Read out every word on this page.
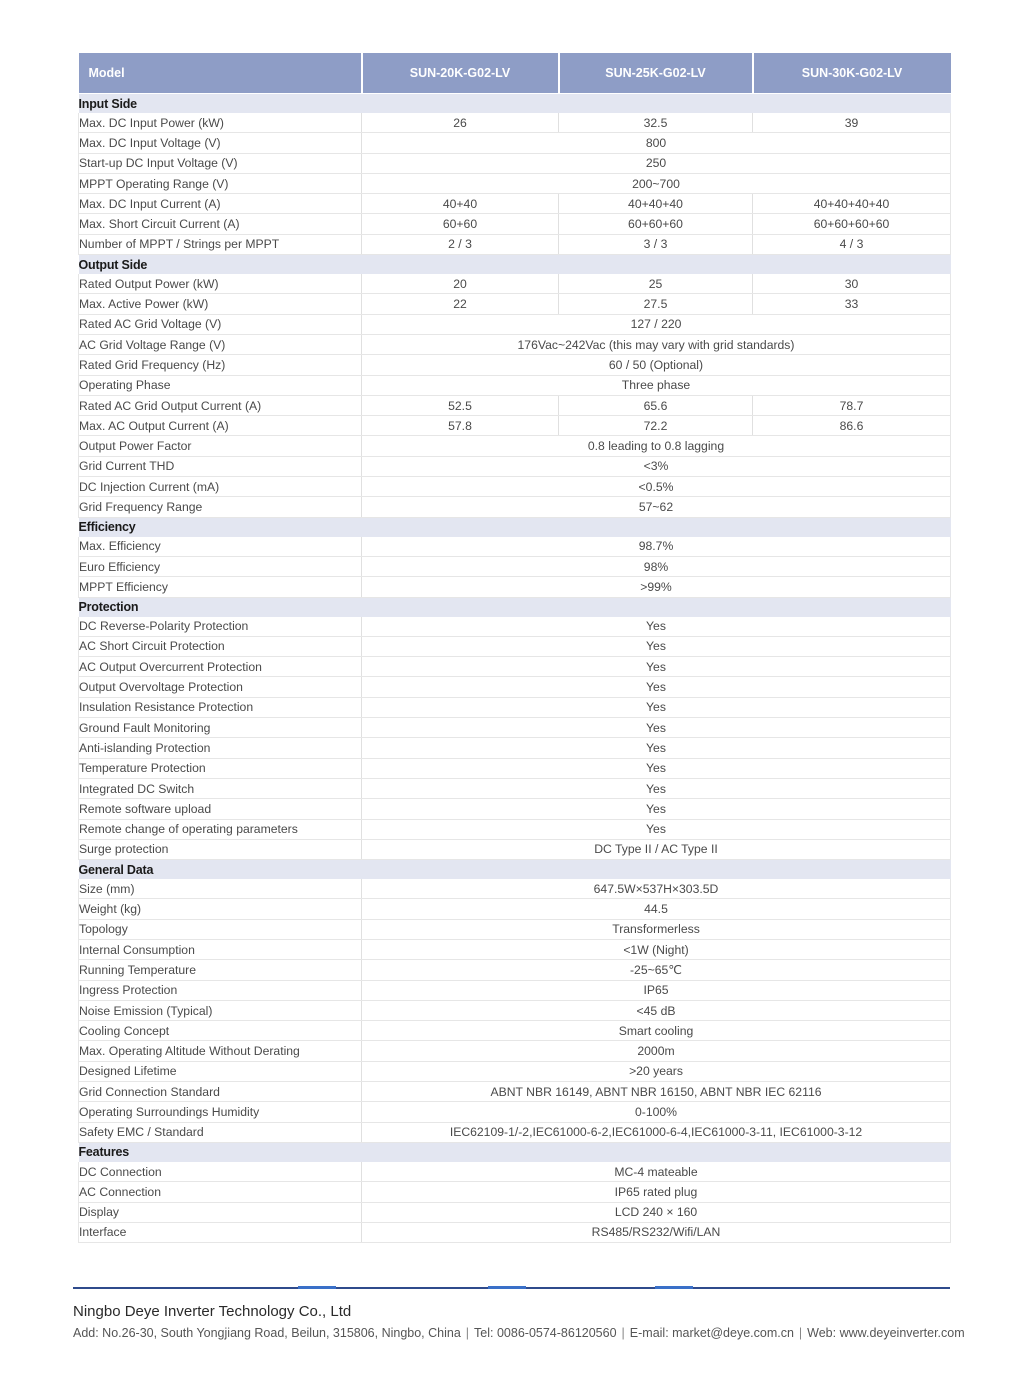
Model	SUN-20K-G02-LV	SUN-25K-G02-LV	SUN-30K-G02-LV
Input Side			
Max. DC Input Power (kW)	26	32.5	39
Max. DC Input Voltage (V)	800		
Start-up DC Input Voltage (V)	250		
MPPT Operating Range (V)	200~700		
Max. DC Input Current (A)	40+40	40+40+40	40+40+40+40
Max. Short Circuit Current (A)	60+60	60+60+60	60+60+60+60
Number of MPPT / Strings per MPPT	2 / 3	3 / 3	4 / 3
Output Side			
Rated Output Power (kW)	20	25	30
Max. Active Power (kW)	22	27.5	33
Rated AC Grid Voltage (V)	127 / 220		
AC Grid Voltage Range (V)	176Vac~242Vac (this may vary with grid standards)		
Rated Grid Frequency (Hz)	60 / 50 (Optional)		
Operating Phase	Three phase		
Rated AC Grid Output Current (A)	52.5	65.6	78.7
Max. AC Output Current (A)	57.8	72.2	86.6
Output Power Factor	0.8 leading to 0.8 lagging		
Grid Current THD	<3%		
DC Injection Current (mA)	<0.5%		
Grid Frequency Range	57~62		
Efficiency			
Max. Efficiency	98.7%		
Euro Efficiency	98%		
MPPT Efficiency	>99%		
Protection			
DC Reverse-Polarity Protection	Yes		
AC Short Circuit Protection	Yes		
AC Output Overcurrent Protection	Yes		
Output Overvoltage Protection	Yes		
Insulation Resistance Protection	Yes		
Ground Fault Monitoring	Yes		
Anti-islanding Protection	Yes		
Temperature Protection	Yes		
Integrated DC Switch	Yes		
Remote software upload	Yes		
Remote change of operating parameters	Yes		
Surge protection	DC Type II / AC Type II		
General Data			
Size (mm)	647.5W×537H×303.5D		
Weight (kg)	44.5		
Topology	Transformerless		
Internal Consumption	<1W (Night)		
Running Temperature	-25~65℃		
Ingress Protection	IP65		
Noise Emission (Typical)	<45 dB		
Cooling Concept	Smart cooling		
Max. Operating Altitude Without Derating	2000m		
Designed Lifetime	>20 years		
Grid Connection Standard	ABNT NBR 16149, ABNT NBR 16150, ABNT NBR IEC 62116		
Operating Surroundings Humidity	0-100%		
Safety EMC / Standard	IEC62109-1/-2,IEC61000-6-2,IEC61000-6-4,IEC61000-3-11, IEC61000-3-12		
Features			
DC Connection	MC-4 mateable		
AC Connection	IP65 rated plug		
Display	LCD 240 × 160		
Interface	RS485/RS232/Wifi/LAN		
Ningbo Deye Inverter Technology Co., Ltd
Add: No.26-30, South Yongjiang Road, Beilun, 315806, Ningbo, China | Tel: 0086-0574-86120560 | E-mail: market@deye.com.cn | Web: www.deyeinverter.com
